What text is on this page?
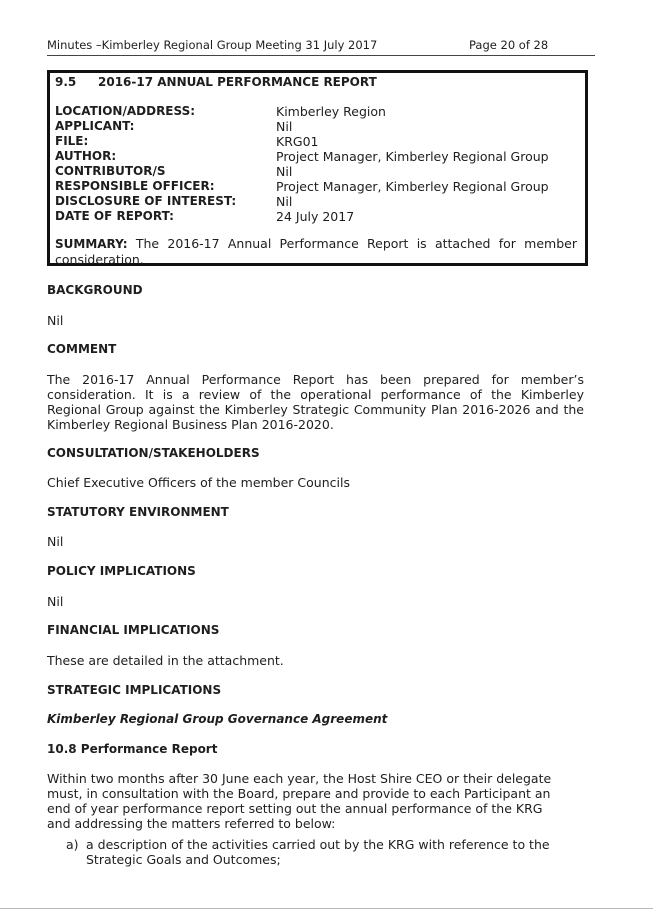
Minutes –Kimberley Regional Group Meeting 31 July 2017	Page 20 of 28
9.5 2016-17 ANNUAL PERFORMANCE REPORT
LOCATION/ADDRESS:	Kimberley Region
APPLICANT:	Nil
FILE:	KRG01
AUTHOR:	Project Manager, Kimberley Regional Group
CONTRIBUTOR/S	Nil
RESPONSIBLE OFFICER:	Project Manager, Kimberley Regional Group
DISCLOSURE OF INTEREST:	Nil
DATE OF REPORT:	24 July 2017
SUMMARY: The 2016-17 Annual Performance Report is attached for member consideration.
BACKGROUND
Nil
COMMENT
The 2016-17 Annual Performance Report has been prepared for member’s consideration. It is a review of the operational performance of the Kimberley Regional Group against the Kimberley Strategic Community Plan 2016-2026 and the Kimberley Regional Business Plan 2016-2020.
CONSULTATION/STAKEHOLDERS
Chief Executive Officers of the member Councils
STATUTORY ENVIRONMENT
Nil
POLICY IMPLICATIONS
Nil
FINANCIAL IMPLICATIONS
These are detailed in the attachment.
STRATEGIC IMPLICATIONS
Kimberley Regional Group Governance Agreement
10.8 Performance Report
Within two months after 30 June each year, the Host Shire CEO or their delegate must, in consultation with the Board, prepare and provide to each Participant an end of year performance report setting out the annual performance of the KRG and addressing the matters referred to below:
a) a description of the activities carried out by the KRG with reference to the Strategic Goals and Outcomes;
